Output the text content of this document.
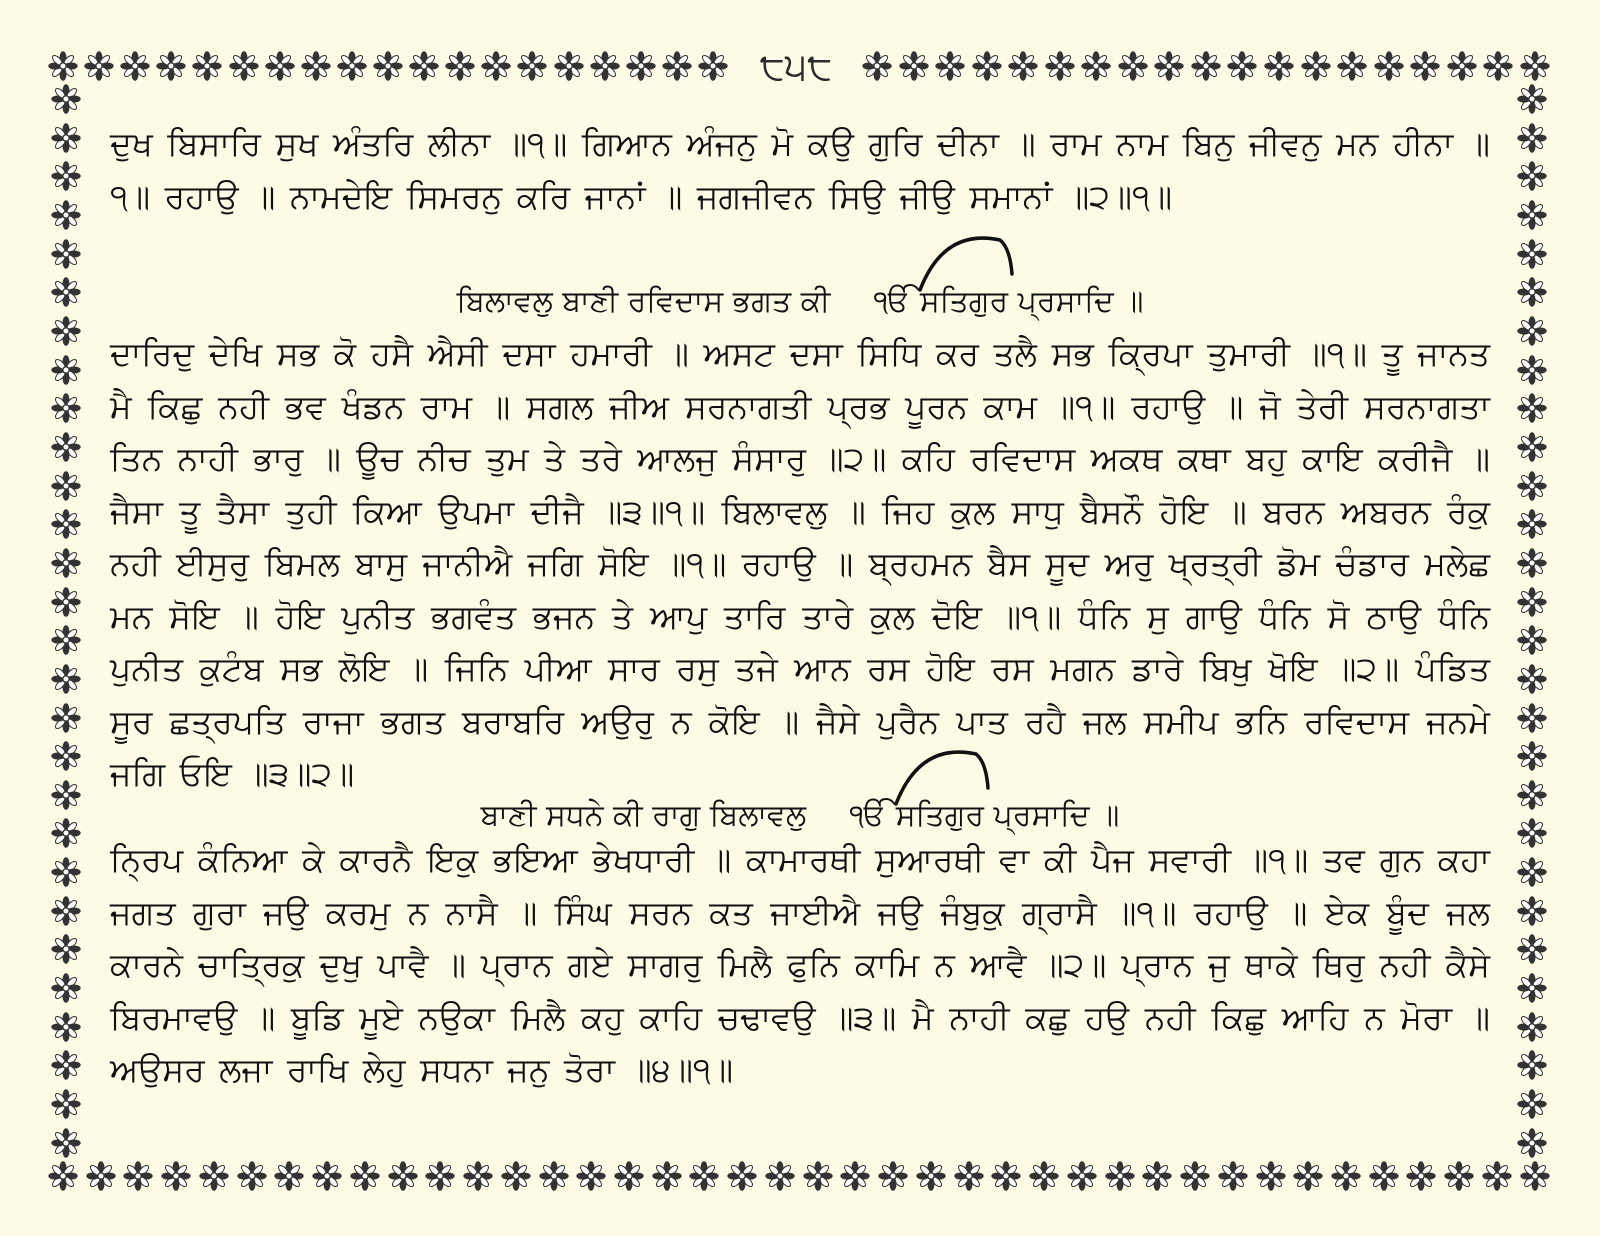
੮੫੮

ਦੁਖ ਬਿਸਾਰਿ ਸੁਖ ਅੰਤਰਿ ਲੀਨਾ ॥੧॥ ਗਿਆਨ ਅੰਜਨੁ ਮੋ ਕਉ ਗੁਰਿ ਦੀਨਾ ॥ ਰਾਮ ਨਾਮ ਬਿਨੁ ਜੀਵਨੁ ਮਨ ਹੀਨਾ ॥੧॥ ਰਹਾਉ ॥ ਨਾਮਦੇਇ ਸਿਮਰਨੁ ਕਰਿ ਜਾਨਾਂ ॥ ਜਗਜੀਵਨ ਸਿਉ ਜੀਉ ਸਮਾਨਾਂ ॥੨॥੧॥

ਬਿਲਾਵਲੁ ਬਾਣੀ ਰਵਿਦਾਸ ਭਗਤ ਕੀ ੴ ਸਤਿਗੁਰ ਪ੍ਰਸਾਦਿ ॥

ਦਾਰਿਦੁ ਦੇਖਿ ਸਭ ਕੋ ਹਸੈ ਐਸੀ ਦਸਾ ਹਮਾਰੀ ॥ ਅਸਟ ਦਸਾ ਸਿਧਿ ਕਰ ਤਲੈ ਸਭ ਕ੍ਰਿਪਾ ਤੁਮਾਰੀ ॥੧॥ ਤੂ ਜਾਨਤ ਮੈ ਕਿਛੁ ਨਹੀ ਭਵ ਖੰਡਨ ਰਾਮ ॥ ਸਗਲ ਜੀਅ ਸਰਨਾਗਤੀ ਪ੍ਰਭ ਪੂਰਨ ਕਾਮ ॥੧॥ ਰਹਾਉ ॥ ਜੋ ਤੇਰੀ ਸਰਨਾਗਤਾ ਤਿਨ ਨਾਹੀ ਭਾਰੁ ॥ ਊਚ ਨੀਚ ਤੁਮ ਤੇ ਤਰੇ ਆਲਜੁ ਸੰਸਾਰੁ ॥੨॥ ਕਹਿ ਰਵਿਦਾਸ ਅਕਥ ਕਥਾ ਬਹੁ ਕਾਇ ਕਰੀਜੈ ॥ ਜੈਸਾ ਤੂ ਤੈਸਾ ਤੁਹੀ ਕਿਆ ਉਪਮਾ ਦੀਜੈ ॥੩॥੧॥ ਬਿਲਾਵਲੁ ॥ ਜਿਹ ਕੁਲ ਸਾਧੁ ਬੈਸਨੌ ਹੋਇ ॥ ਬਰਨ ਅਬਰਨ ਰੰਕੁ ਨਹੀ ਈਸੁਰੁ ਬਿਮਲ ਬਾਸੁ ਜਾਨੀਐ ਜਗਿ ਸੋਇ ॥੧॥ ਰਹਾਉ ॥ ਬ੍ਰਹਮਨ ਬੈਸ ਸੂਦ ਅਰੁ ਖ੍ਰਤ੍ਰੀ ਡੋਮ ਚੰਡਾਰ ਮਲੇਛ ਮਨ ਸੋਇ ॥ ਹੋਇ ਪੁਨੀਤ ਭਗਵੰਤ ਭਜਨ ਤੇ ਆਪੁ ਤਾਰਿ ਤਾਰੇ ਕੁਲ ਦੋਇ ॥੧॥ ਧੰਨਿ ਸੁ ਗਾਉ ਧੰਨਿ ਸੋ ਠਾਉ ਧੰਨਿ ਪੁਨੀਤ ਕੁਟੰਬ ਸਭ ਲੋਇ ॥ ਜਿਨਿ ਪੀਆ ਸਾਰ ਰਸੁ ਤਜੇ ਆਨ ਰਸ ਹੋਇ ਰਸ ਮਗਨ ਡਾਰੇ ਬਿਖੁ ਖੋਇ ॥੨॥ ਪੰਡਿਤ ਸੂਰ ਛਤ੍ਰਪਤਿ ਰਾਜਾ ਭਗਤ ਬਰਾਬਰਿ ਅਉਰੁ ਨ ਕੋਇ ॥ ਜੈਸੇ ਪੁਰੈਨ ਪਾਤ ਰਹੈ ਜਲ ਸਮੀਪ ਭਨਿ ਰਵਿਦਾਸ ਜਨਮੇ ਜਗਿ ਓਇ ॥੩॥੨॥

ਬਾਣੀ ਸਧਨੇ ਕੀ ਰਾਗੁ ਬਿਲਾਵਲੁ ੴ ਸਤਿਗੁਰ ਪ੍ਰਸਾਦਿ ॥

ਨ੍ਰਿਪ ਕੰਨਿਆ ਕੇ ਕਾਰਨੈ ਇਕੁ ਭਇਆ ਭੇਖਧਾਰੀ ॥ ਕਾਮਾਰਥੀ ਸੁਆਰਥੀ ਵਾ ਕੀ ਪੈਜ ਸਵਾਰੀ ॥੧॥ ਤਵ ਗੁਨ ਕਹਾ ਜਗਤ ਗੁਰਾ ਜਉ ਕਰਮੁ ਨ ਨਾਸੈ ॥ ਸਿੰਘ ਸਰਨ ਕਤ ਜਾਈਐ ਜਉ ਜੰਬੁਕੁ ਗ੍ਰਾਸੈ ॥੧॥ ਰਹਾਉ ॥ ਏਕ ਬੂੰਦ ਜਲ ਕਾਰਨੇ ਚਾਤ੍ਰਿਕੁ ਦੁਖੁ ਪਾਵੈ ॥ ਪ੍ਰਾਨ ਗਏ ਸਾਗਰੁ ਮਿਲੈ ਫੁਨਿ ਕਾਮਿ ਨ ਆਵੈ ॥੨॥ ਪ੍ਰਾਨ ਜੁ ਥਾਕੇ ਥਿਰੁ ਨਹੀ ਕੈਸੇ ਬਿਰਮਾਵਉ ॥ ਬੂਡਿ ਮੂਏ ਨਉਕਾ ਮਿਲੈ ਕਹੁ ਕਾਹਿ ਚਢਾਵਉ ॥੩॥ ਮੈ ਨਾਹੀ ਕਛੁ ਹਉ ਨਹੀ ਕਿਛੁ ਆਹਿ ਨ ਮੋਰਾ ॥ ਅਉਸਰ ਲਜਾ ਰਾਖਿ ਲੇਹੁ ਸਧਨਾ ਜਨੁ ਤੋਰਾ ॥੪॥੧॥
